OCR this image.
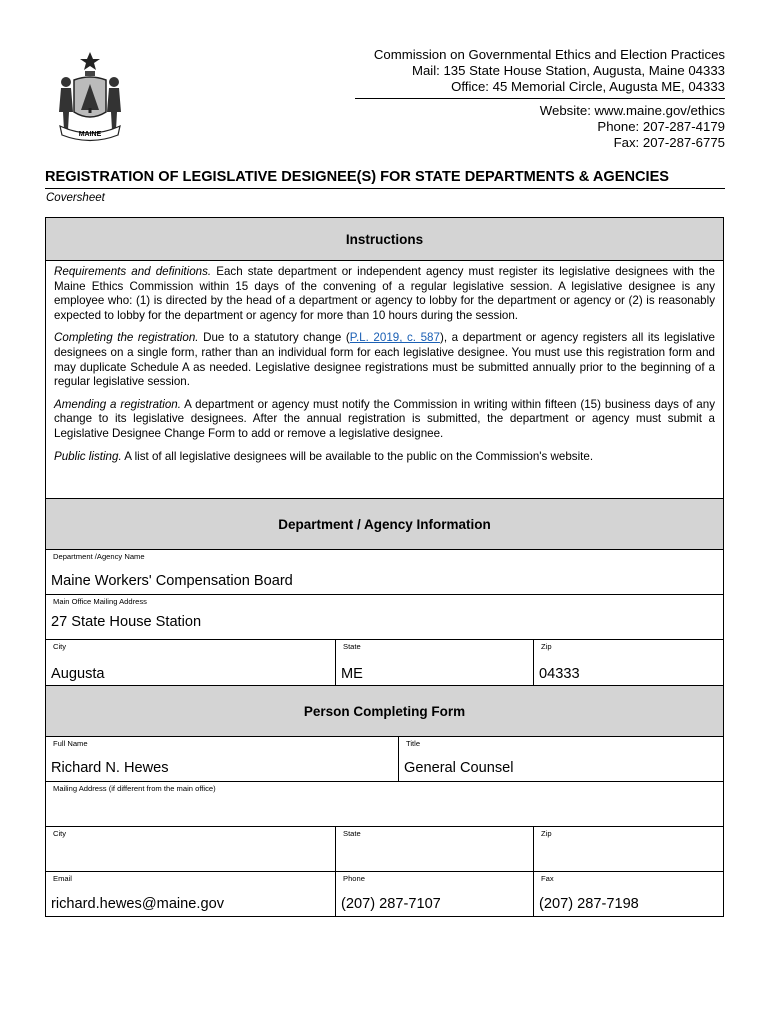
MAINE
Commission on Governmental Ethics and Election Practices
Mail: 135 State House Station, Augusta, Maine 04333
Office: 45 Memorial Circle, Augusta ME, 04333
Website: www.maine.gov/ethics
Phone: 207-287-4179
Fax: 207-287-6775
REGISTRATION OF LEGISLATIVE DESIGNEE(S) FOR STATE DEPARTMENTS & AGENCIES
Coversheet
Instructions

Requirements and definitions. Each state department or independent agency must register its legislative designees with the Maine Ethics Commission within 15 days of the convening of a regular legislative session. A legislative designee is any employee who: (1) is directed by the head of a department or agency to lobby for the department or agency or (2) is reasonably expected to lobby for the department or agency for more than 10 hours during the session.

Completing the registration. Due to a statutory change (P.L. 2019, c. 587), a department or agency registers all its legislative designees on a single form, rather than an individual form for each legislative designee. You must use this registration form and may duplicate Schedule A as needed. Legislative designee registrations must be submitted annually prior to the beginning of a regular legislative session.

Amending a registration. A department or agency must notify the Commission in writing within fifteen (15) business days of any change to its legislative designees. After the annual registration is submitted, the department or agency must submit a Legislative Designee Change Form to add or remove a legislative designee.

Public listing. A list of all legislative designees will be available to the public on the Commission's website.

Department / Agency Information
Department /Agency Name
Maine Workers' Compensation Board
Main Office Mailing Address
27 State House Station
City
Augusta
State
ME
Zip
04333
Person Completing Form
Full Name
Richard N. Hewes
Title
General Counsel
Mailing Address (if different from the main office)
City	State	Zip
Email
richard.hewes@maine.gov
Phone
(207) 287-7107
Fax
(207) 287-7198
